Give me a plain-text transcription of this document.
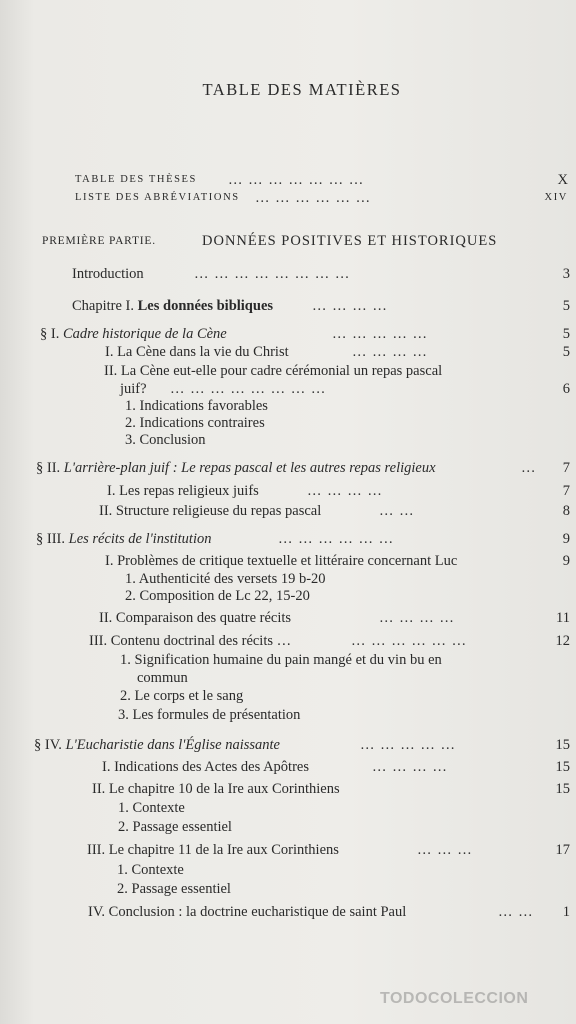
TABLE DES MATIÈRES
TABLE DES THÈSES … … … … … … …	X
LISTE DES ABRÉVIATIONS … … … … … …	XIV
PREMIÈRE PARTIE.	DONNÉES POSITIVES ET HISTORIQUES
Introduction	… … … … … … … …	3
Chapitre I. Les données bibliques	… … … …	5
§ I. Cadre historique de la Cène	… … … … …	5
I. La Cène dans la vie du Christ	… … … …	5
II. La Cène eut-elle pour cadre cérémonial un repas pascal
juif? … … … … … … … …	6
1. Indications favorables
2. Indications contraires
3. Conclusion
§ II. L'arrière-plan juif : Le repas pascal et les autres repas religieux	…	7
I. Les repas religieux juifs	… … … …	7
II. Structure religieuse du repas pascal	… …	8
§ III. Les récits de l'institution	… … … … … …	9
I. Problèmes de critique textuelle et littéraire concernant Luc	9
1. Authenticité des versets 19 b-20
2. Composition de Lc 22, 15-20
II. Comparaison des quatre récits	… … … …	11
III. Contenu doctrinal des récits …	… … … … … …	12
1. Signification humaine du pain mangé et du vin bu en
commun
2. Le corps et le sang
3. Les formules de présentation
§ IV. L'Eucharistie dans l'Église naissante	… … … … …	15
I. Indications des Actes des Apôtres	… … … …	15
II. Le chapitre 10 de la Ire aux Corinthiens	15
1. Contexte
2. Passage essentiel
III. Le chapitre 11 de la Ire aux Corinthiens	… … …	17
1. Contexte
2. Passage essentiel
IV. Conclusion : la doctrine eucharistique de saint Paul	… …	1
TODOCOLECCION
